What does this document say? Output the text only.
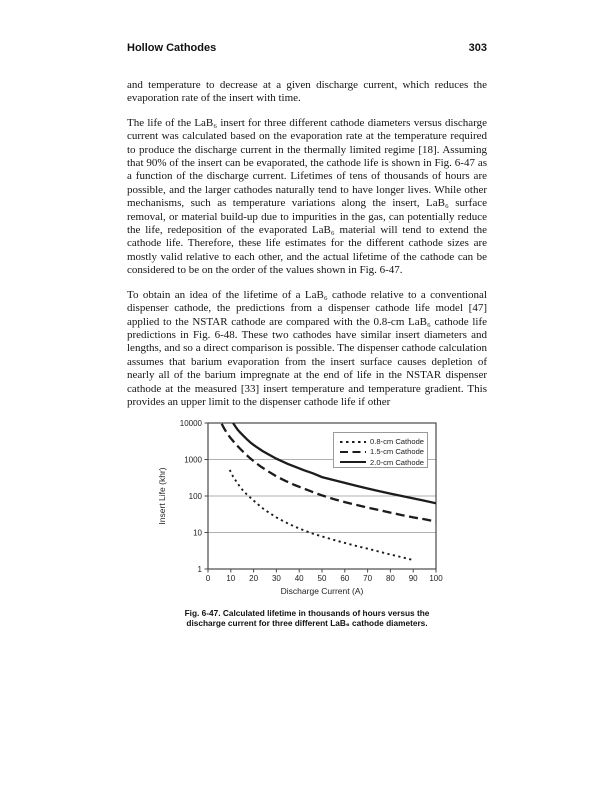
Hollow Cathodes	303

and temperature to decrease at a given discharge current, which reduces the evaporation rate of the insert with time.

The life of the LaB₆ insert for three different cathode diameters versus discharge current was calculated based on the evaporation rate at the temperature required to produce the discharge current in the thermally limited regime [18]. Assuming that 90% of the insert can be evaporated, the cathode life is shown in Fig. 6-47 as a function of the discharge current. Lifetimes of tens of thousands of hours are possible, and the larger cathodes naturally tend to have longer lives. While other mechanisms, such as temperature variations along the insert, LaB₆ surface removal, or material build-up due to impurities in the gas, can potentially reduce the life, redeposition of the evaporated LaB₆ material will tend to extend the cathode life. Therefore, these life estimates for the different cathode sizes are mostly valid relative to each other, and the actual lifetime of the cathode can be considered to be on the order of the values shown in Fig. 6-47.

To obtain an idea of the lifetime of a LaB₆ cathode relative to a conventional dispenser cathode, the predictions from a dispenser cathode life model [47] applied to the NSTAR cathode are compared with the 0.8-cm LaB₆ cathode life predictions in Fig. 6-48. These two cathodes have similar insert diameters and lengths, and so a direct comparison is possible. The dispenser cathode calculation assumes that barium evaporation from the insert surface causes depletion of nearly all of the barium impregnate at the end of life in the NSTAR dispenser cathode at the measured [33] insert temperature and temperature gradient. This provides an upper limit to the dispenser cathode life if other

1
10
100
1000
10000
0 10 20 30 40 50 60 70 80 90 100
Discharge Current (A)
Insert Life (khr)
0.8-cm Cathode
1.5-cm Cathode
2.0-cm Cathode
Fig. 6-47. Calculated lifetime in thousands of hours versus the
discharge current for three different LaB₆ cathode diameters.
